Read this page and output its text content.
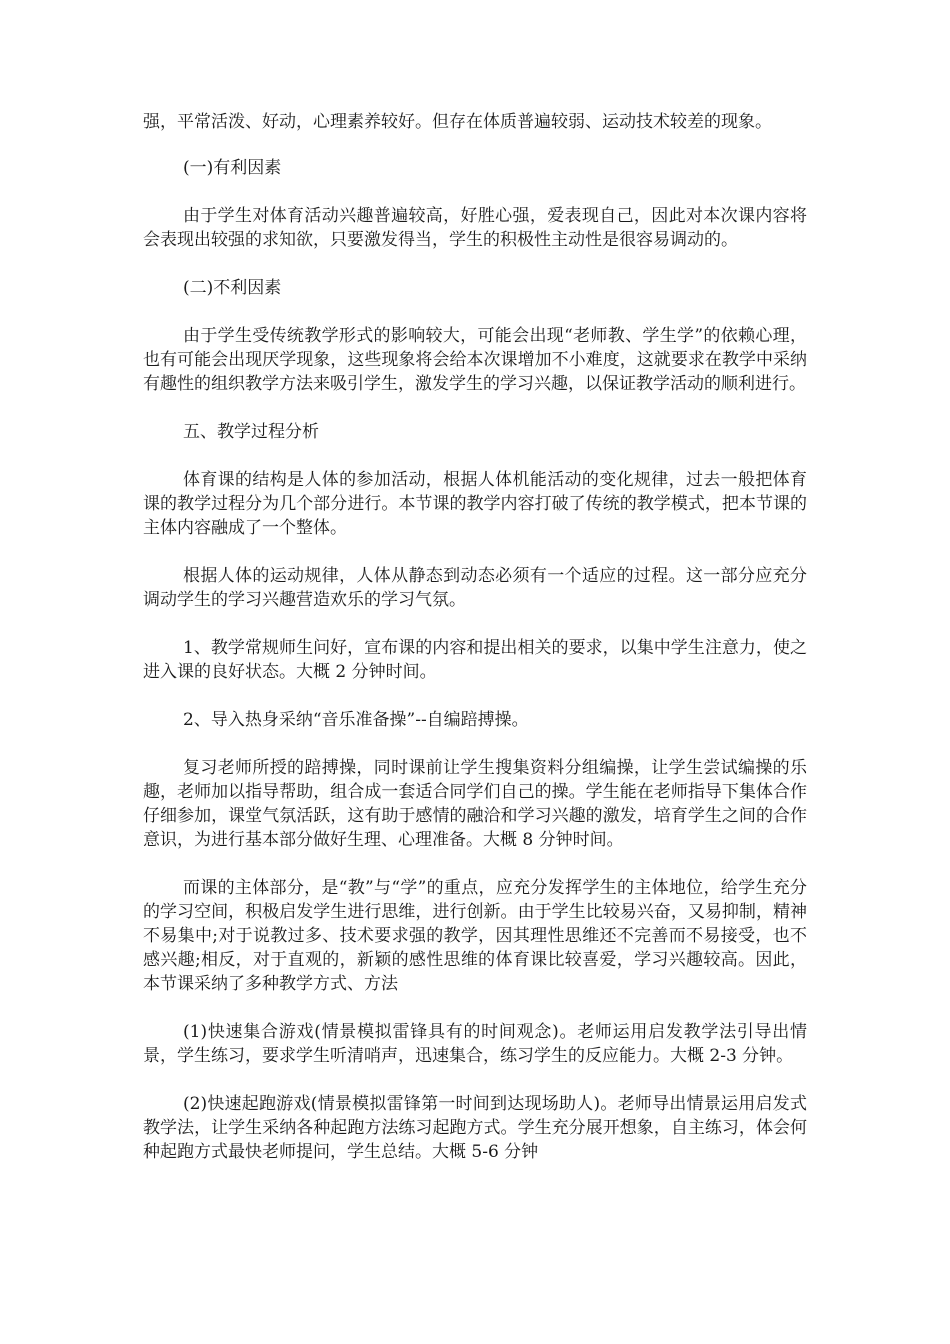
强，平常活泼、好动，心理素养较好。但存在体质普遍较弱、运动技术较差的现象。

(一)有利因素

由于学生对体育活动兴趣普遍较高，好胜心强，爱表现自己，因此对本次课内容将会表现出较强的求知欲，只要激发得当，学生的积极性主动性是很容易调动的。

(二)不利因素

由于学生受传统教学形式的影响较大，可能会出现“老师教、学生学”的依赖心理，也有可能会出现厌学现象，这些现象将会给本次课增加不小难度，这就要求在教学中采纳有趣性的组织教学方法来吸引学生，激发学生的学习兴趣，以保证教学活动的顺利进行。

五、教学过程分析

体育课的结构是人体的参加活动，根据人体机能活动的变化规律，过去一般把体育课的教学过程分为几个部分进行。本节课的教学内容打破了传统的教学模式，把本节课的主体内容融成了一个整体。

根据人体的运动规律，人体从静态到动态必须有一个适应的过程。这一部分应充分调动学生的学习兴趣营造欢乐的学习气氛。

1、教学常规师生问好，宣布课的内容和提出相关的要求，以集中学生注意力，使之进入课的良好状态。大概 2 分钟时间。

2、导入热身采纳“音乐准备操”--自编踣搏操。

复习老师所授的踣搏操，同时课前让学生搜集资料分组编操，让学生尝试编操的乐趣，老师加以指导帮助，组合成一套适合同学们自己的操。学生能在老师指导下集体合作仔细参加，课堂气氛活跃，这有助于感情的融洽和学习兴趣的激发，培育学生之间的合作意识，为进行基本部分做好生理、心理准备。大概 8 分钟时间。

而课的主体部分，是“教”与“学”的重点，应充分发挥学生的主体地位，给学生充分的学习空间，积极启发学生进行思维，进行创新。由于学生比较易兴奋，又易抑制，精神不易集中;对于说教过多、技术要求强的教学，因其理性思维还不完善而不易接受，也不感兴趣;相反，对于直观的，新颖的感性思维的体育课比较喜爱，学习兴趣较高。因此，本节课采纳了多种教学方式、方法

(1)快速集合游戏(情景模拟雷锋具有的时间观念)。老师运用启发教学法引导出情景，学生练习，要求学生听清哨声，迅速集合，练习学生的反应能力。大概 2-3 分钟。

(2)快速起跑游戏(情景模拟雷锋第一时间到达现场助人)。老师导出情景运用启发式教学法，让学生采纳各种起跑方法练习起跑方式。学生充分展开想象，自主练习，体会何种起跑方式最快老师提问，学生总结。大概 5-6 分钟
